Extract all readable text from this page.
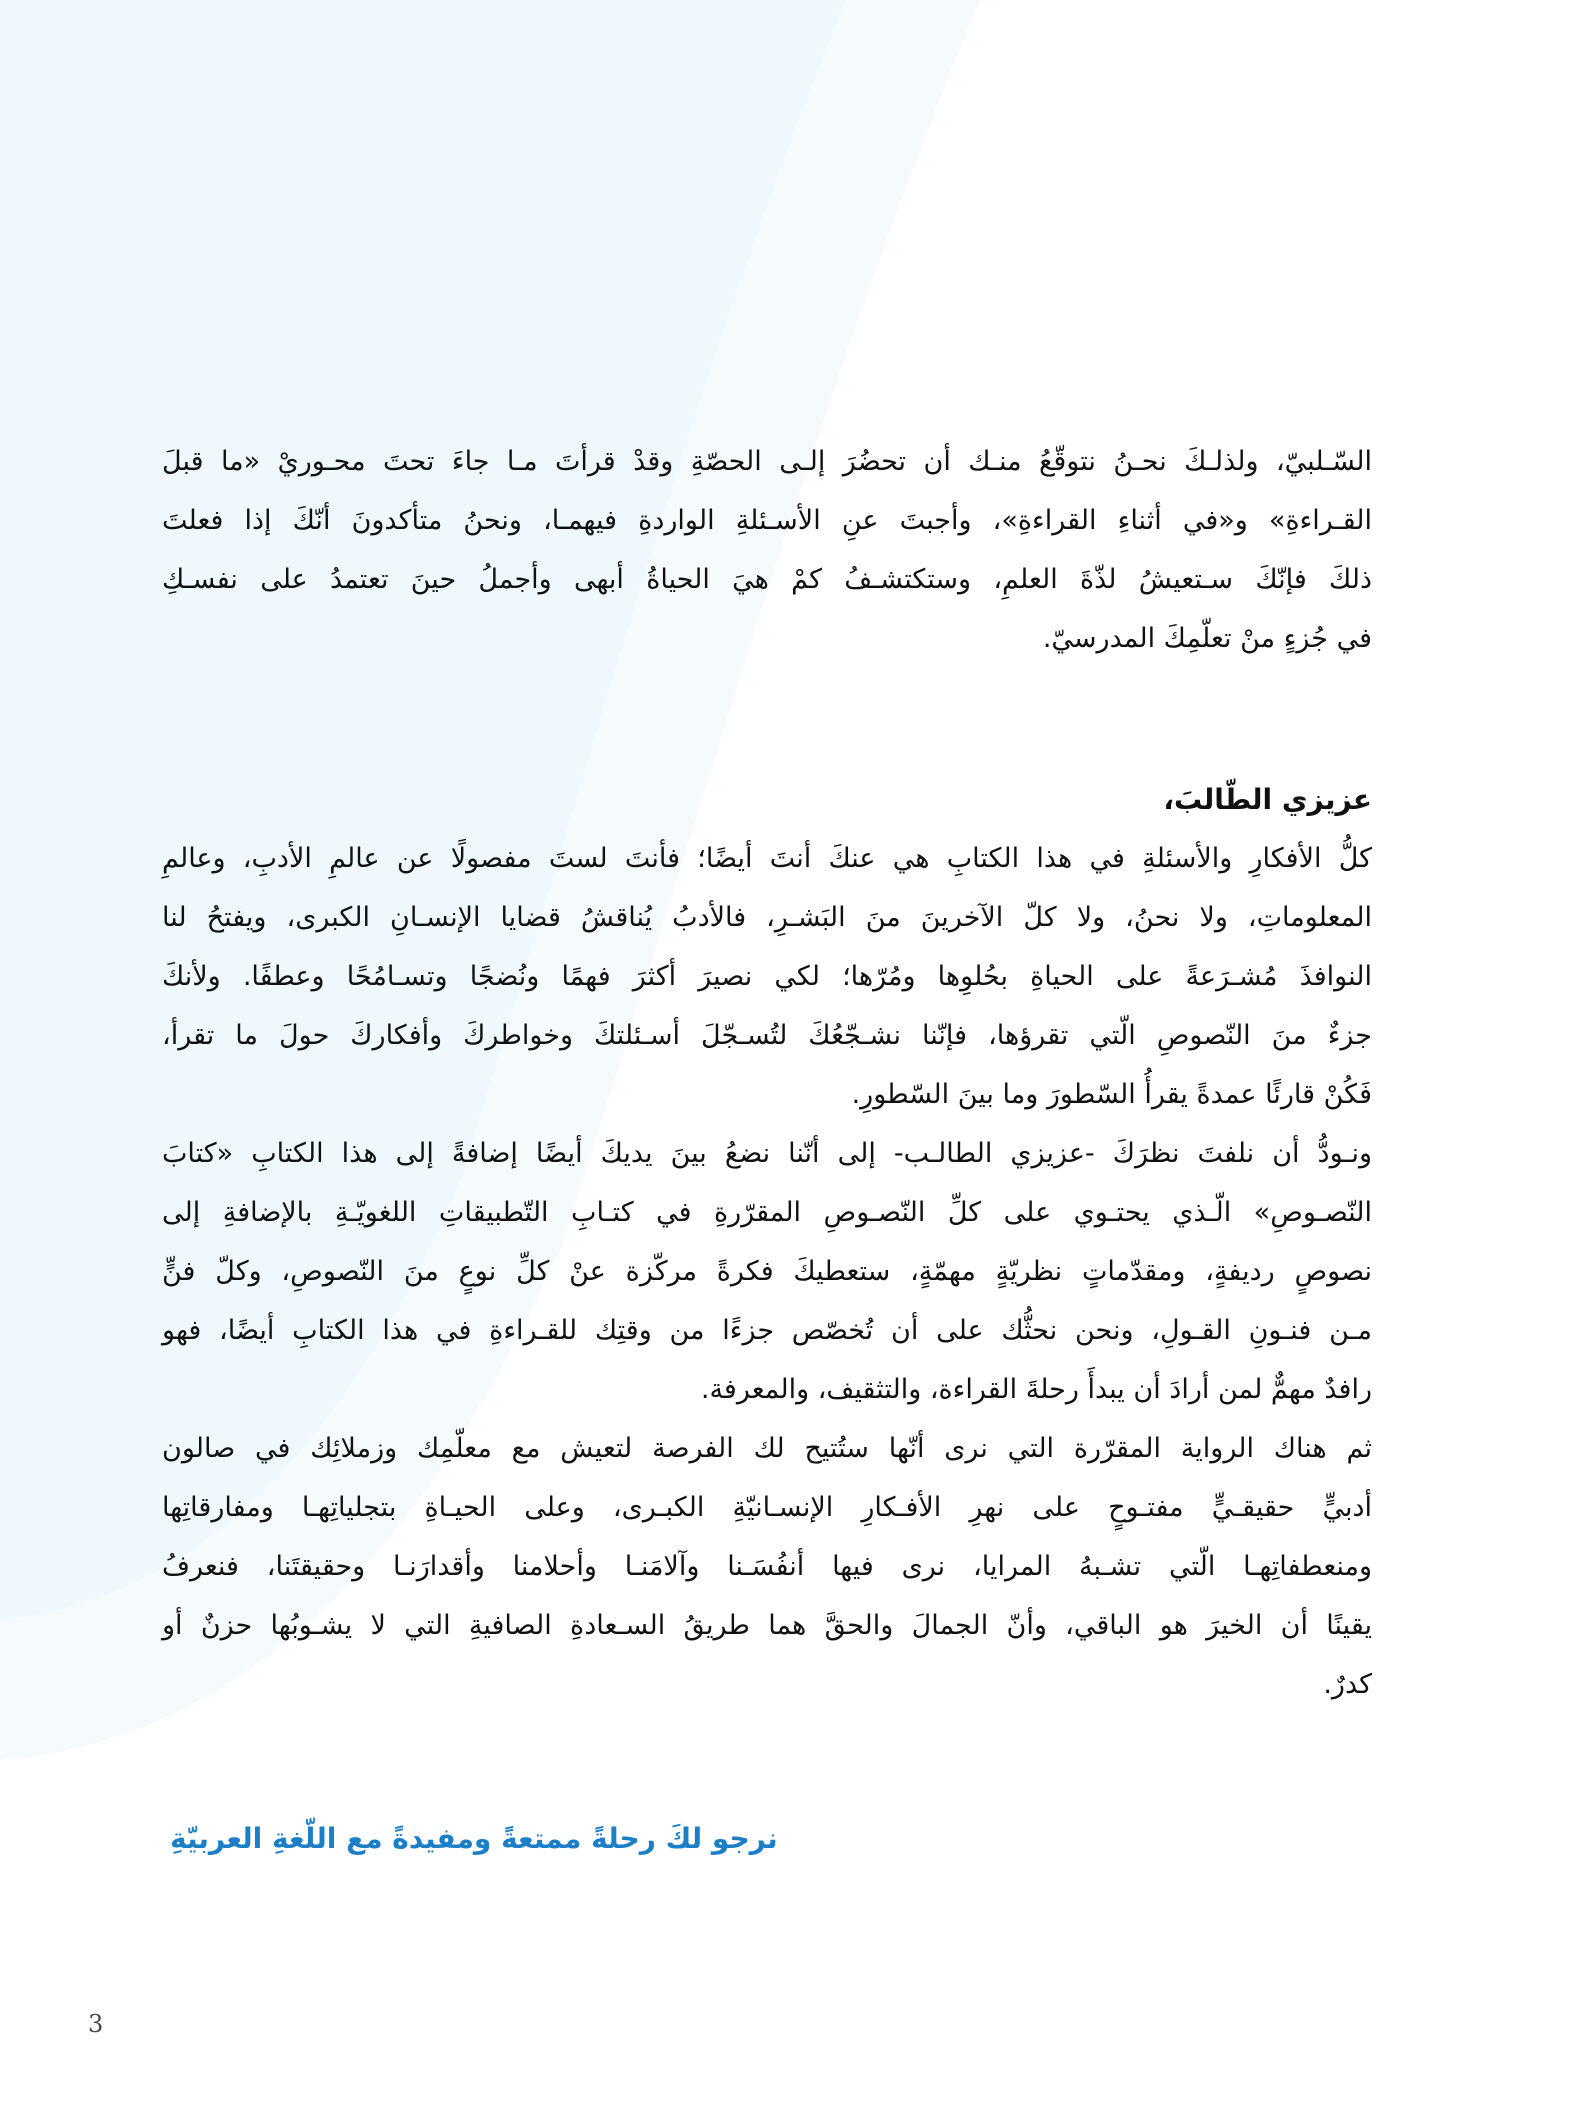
السّـلبيّ، ولذلـكَ نحـنُ نتوقّعُ منـك أن تحضُرَ إلـى الحصّةِ وقدْ قرأتَ مـا جاءَ تحتَ محـوريْ «ما قبلَ

القـراءةِ» و«في أثناءِ القراءةِ»، وأجبتَ عنِ الأسـئلةِ الواردةِ فيهمـا، ونحنُ متأكدونَ أنّكَ إذا فعلتَ

ذلكَ فإنّكَ سـتعيشُ لذّةَ العلمِ، وستكتشـفُ كمْ هيَ الحياةُ أبهى وأجملُ حينَ تعتمدُ على نفسـكِ

في جُزءٍ منْ تعلّمِكَ المدرسيّ.

عزيزي الطّالبَ،

كلُّ الأفكارِ والأسئلةِ في هذا الكتابِ هي عنكَ أنتَ أيضًا؛ فأنتَ لستَ مفصولًا عن عالمِ الأدبِ، وعالمِ

المعلوماتِ، ولا نحنُ، ولا كلّ الآخرينَ منَ البَشـرِ، فالأدبُ يُناقشُ قضايا الإنسـانِ الكبرى، ويفتحُ لنا

النوافذَ مُشـرَعةً على الحياةِ بحُلوِها ومُرّها؛ لكي نصيرَ أكثرَ فهمًا ونُضجًا وتسـامُحًا وعطفًا. ولأنكَ

جزءٌ منَ النّصوصِ الّتي تقرؤها، فإنّنا نشـجّعُكَ لتُسـجّلَ أسـئلتكَ وخواطركَ وأفكاركَ حولَ ما تقرأ،

فَكُنْ قارئًا عمدةً يقرأُ السّطورَ وما بينَ السّطورِ.

ونـودُّ أن نلفتَ نظرَكَ -عزيزي الطالـب- إلى أنّنا نضعُ بينَ يديكَ أيضًا إضافةً إلى هذا الكتابِ «كتابَ

النّصـوصِ» الّـذي يحتـوي على كلِّ النّصـوصِ المقرّرةِ في كتـابِ التّطبيقاتِ اللغويّـةِ بالإضافةِ إلى

نصوصٍ رديفةٍ، ومقدّماتٍ نظريّةٍ مهمّةٍ، ستعطيكَ فكرةً مركّزة عنْ كلِّ نوعٍ منَ النّصوصِ، وكلّ فنٍّ

مـن فنـونِ القـولِ، ونحن نحثُّك على أن تُخصّص جزءًا من وقتِك للقـراءةِ في هذا الكتابِ أيضًا، فهو

رافدٌ مهمٌّ لمن أرادَ أن يبدأَ رحلةَ القراءة، والتثقيف، والمعرفة.

ثم هناك الرواية المقرّرة التي نرى أنّها ستُتيح لك الفرصة لتعيش مع معلّمِك وزملائِك في صالون

أدبيٍّ حقيقـيٍّ مفتـوحٍ على نهرِ الأفـكارِ الإنسـانيّةِ الكبـرى، وعلى الحيـاةِ بتجلياتِهـا ومفارقاتِها

ومنعطفاتِهـا الّتي تشـبهُ المرايا، نرى فيها أنفُسَـنا وآلامَنـا وأحلامنا وأقدارَنـا وحقيقتَنا، فنعرفُ

يقينًا أن الخيرَ هو الباقي، وأنّ الجمالَ والحقَّ هما طريقُ السـعادةِ الصافيةِ التي لا يشـوبُها حزنٌ أو

كدرٌ.

نرجو لكَ رحلةً ممتعةً ومفيدةً مع اللّغةِ العربيّةِ
3
